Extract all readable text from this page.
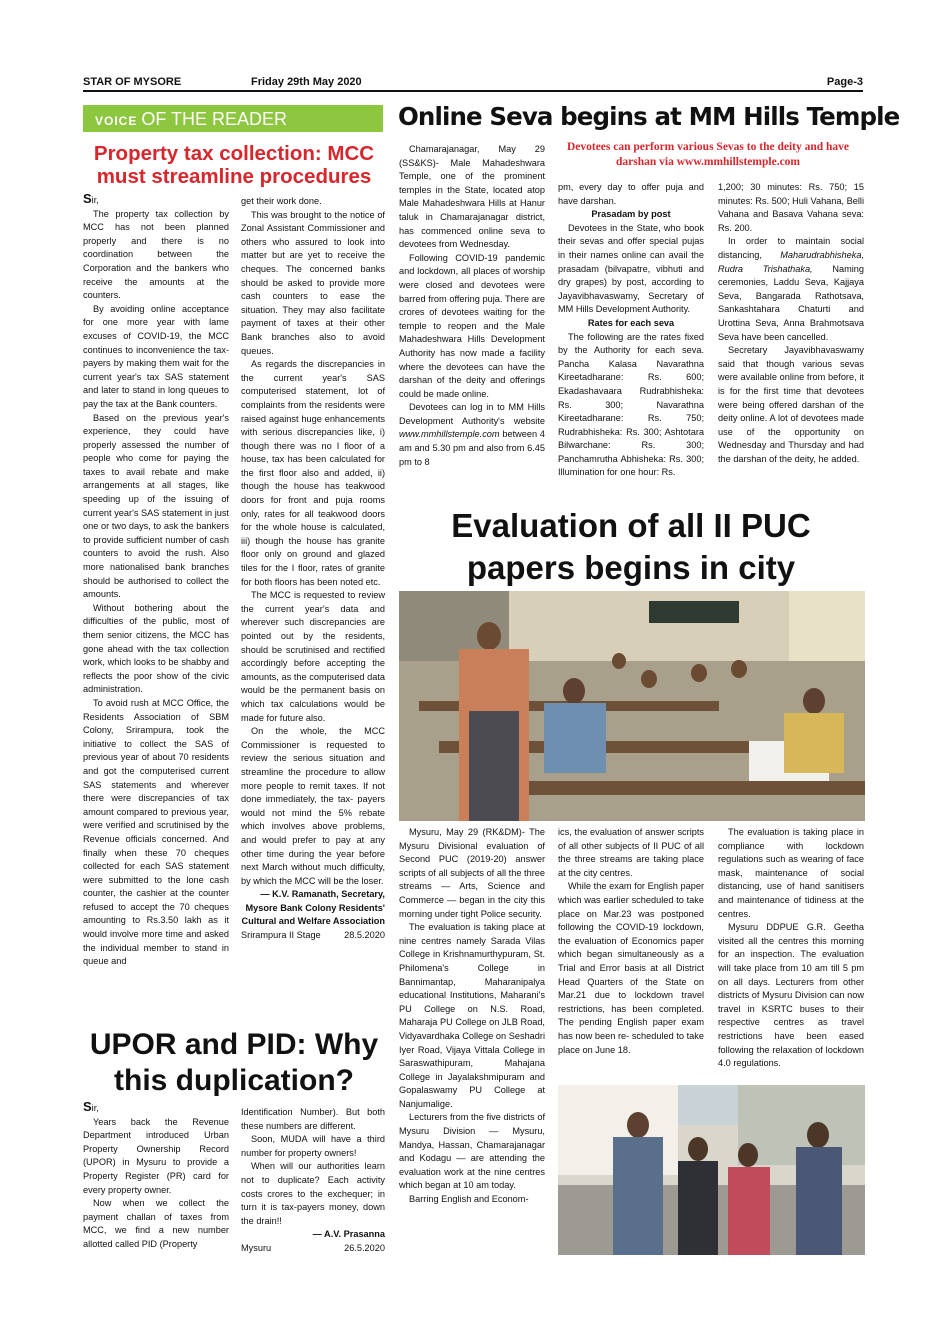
STAR OF MYSORE	Friday 29th May 2020	Page-3
VOICE OF THE READER
Property tax collection: MCC must streamline procedures

Sir,

The property tax collection by MCC has not been planned properly and there is no coordination between the Corporation and the bankers who receive the amounts at the counters.

By avoiding online acceptance for one more year with lame excuses of COVID-19, the MCC continues to inconvenience the tax-payers by making them wait for the current year's tax SAS statement and later to stand in long queues to pay the tax at the Bank counters.

Based on the previous year's experience, they could have properly assessed the number of people who come for paying the taxes to avail rebate and make arrangements at all stages, like speeding up of the issuing of current year's SAS statement in just one or two days, to ask the bankers to provide sufficient number of cash counters to avoid the rush. Also more nationalised bank branches should be authorised to collect the amounts.

Without bothering about the difficulties of the public, most of them senior citizens, the MCC has gone ahead with the tax collection work, which looks to be shabby and reflects the poor show of the civic administration.

To avoid rush at MCC Office, the Residents Association of SBM Colony, Srirampura, took the initiative to collect the SAS of previous year of about 70 residents and got the computerised current SAS statements and wherever there were discrepancies of tax amount compared to previous year, were verified and scrutinised by the Revenue officials concerned. And finally when these 70 cheques collected for each SAS statement were submitted to the lone cash counter, the cashier at the counter refused to accept the 70 cheques amounting to Rs.3.50 lakh as it would involve more time and asked the individual member to stand in queue and

get their work done.

This was brought to the notice of Zonal Assistant Commissioner and others who assured to look into matter but are yet to receive the cheques. The concerned banks should be asked to provide more cash counters to ease the situation. They may also facilitate payment of taxes at their other Bank branches also to avoid queues.

As regards the discrepancies in the current year's SAS computerised statement, lot of complaints from the residents were raised against huge enhancements with serious discrepancies like, i) though there was no I floor of a house, tax has been calculated for the first floor also and added, ii) though the house has teakwood doors for front and puja rooms only, rates for all teakwood doors for the whole house is calculated, iii) though the house has granite floor only on ground and glazed tiles for the I floor, rates of granite for both floors has been noted etc.

The MCC is requested to review the current year's data and wherever such discrepancies are pointed out by the residents, should be scrutinised and rectified accordingly before accepting the amounts, as the computerised data would be the permanent basis on which tax calculations would be made for future also.

On the whole, the MCC Commissioner is requested to review the serious situation and streamline the procedure to allow more people to remit taxes. If not done immediately, the tax- payers would not mind the 5% rebate which involves above problems, and would prefer to pay at any other time during the year before next March without much difficulty, by which the MCC will be the loser.

— K.V. Ramanath, Secretary, Mysore Bank Colony Residents' Cultural and Welfare Association

Srirampura II Stage	28.5.2020
UPOR and PID: Why this duplication?

Sir,

Years back the Revenue Department introduced Urban Property Ownership Record (UPOR) in Mysuru to provide a Property Register (PR) card for every property owner.

Now when we collect the payment challan of taxes from MCC, we find a new number allotted called PID (Property

Identification Number). But both these numbers are different.

Soon, MUDA will have a third number for property owners!

When will our authorities learn not to duplicate? Each activity costs crores to the exchequer; in turn it is tax-payers money, down the drain!!

— A.V. Prasanna

Mysuru	26.5.2020
Online Seva begins at MM Hills Temple
Devotees can perform various Sevas to the deity and have darshan via www.mmhillstemple.com

Chamarajanagar, May 29 (SS&KS)- Male Mahadeshwara Temple, one of the prominent temples in the State, located atop Male Mahadeshwara Hills at Hanur taluk in Chamarajanagar district, has commenced online seva to devotees from Wednesday.

Following COVID-19 pandemic and lockdown, all places of worship were closed and devotees were barred from offering puja. There are crores of devotees waiting for the temple to reopen and the Male Mahadeshwara Hills Development Authority has now made a facility where the devotees can have the darshan of the deity and offerings could be made online.

Devotees can log in to MM Hills Development Authority's website www.mmhillstemple.com between 4 am and 5.30 pm and also from 6.45 pm to 8

pm, every day to offer puja and have darshan.

Prasadam by post

Devotees in the State, who book their sevas and offer special pujas in their names online can avail the prasadam (bilvapatre, vibhuti and dry grapes) by post, according to Jayavibhavaswamy, Secretary of MM Hills Development Authority.

Rates for each seva

The following are the rates fixed by the Authority for each seva. Pancha Kalasa Navarathna Kireetadharane: Rs. 600; Ekadashavaara Rudrabhisheka: Rs. 300; Navarathna Kireetadharane: Rs. 750; Rudrabhisheka: Rs. 300; Ashtotara Bilwarchane: Rs. 300; Panchamrutha Abhisheka: Rs. 300; Illumination for one hour: Rs.

1,200; 30 minutes: Rs. 750; 15 minutes: Rs. 500; Huli Vahana, Belli Vahana and Basava Vahana seva: Rs. 200.

In order to maintain social distancing, Maharudrabhisheka, Rudra Trishathaka, Naming ceremonies, Laddu Seva, Kajjaya Seva, Bangarada Rathotsava, Sankashtahara Chaturti and Urottina Seva, Anna Brahmotsava Seva have been cancelled.

Secretary Jayavibhavaswamy said that though various sevas were available online from before, it is for the first time that devotees were being offered darshan of the deity online. A lot of devotees made use of the opportunity on Wednesday and Thursday and had the darshan of the deity, he added.

Evaluation of all II PUC papers begins in city

Mysuru, May 29 (RK&DM)- The Mysuru Divisional evaluation of Second PUC (2019-20) answer scripts of all subjects of all the three streams — Arts, Science and Commerce — began in the city this morning under tight Police security.

The evaluation is taking place at nine centres namely Sarada Vilas College in Krishnamurthypuram, St. Philomena's College in Bannimantap, Maharanipalya educational Institutions, Maharani's PU College on N.S. Road, Maharaja PU College on JLB Road, Vidyavardhaka College on Seshadri Iyer Road, Vijaya Vittala College in Saraswathipuram, Mahajana College in Jayalakshmipuram and Gopalaswamy PU College at Nanjumalige.

Lecturers from the five districts of Mysuru Division — Mysuru, Mandya, Hassan, Chamarajanagar and Kodagu — are attending the evaluation work at the nine centres which began at 10 am today.

Barring English and Econom-

ics, the evaluation of answer scripts of all other subjects of II PUC of all the three streams are taking place at the city centres.

While the exam for English paper which was earlier scheduled to take place on Mar.23 was postponed following the COVID-19 lockdown, the evaluation of Economics paper which began simultaneously as a Trial and Error basis at all District Head Quarters of the State on Mar.21 due to lockdown travel restrictions, has been completed. The pending English paper exam has now been re- scheduled to take place on June 18.

The evaluation is taking place in compliance with lockdown regulations such as wearing of face mask, maintenance of social distancing, use of hand sanitisers and maintenance of tidiness at the centres.

Mysuru DDPUE G.R. Geetha visited all the centres this morning for an inspection. The evaluation will take place from 10 am till 5 pm on all days. Lecturers from other districts of Mysuru Division can now travel in KSRTC buses to their respective centres as travel restrictions have been eased following the relaxation of lockdown 4.0 regulations.
